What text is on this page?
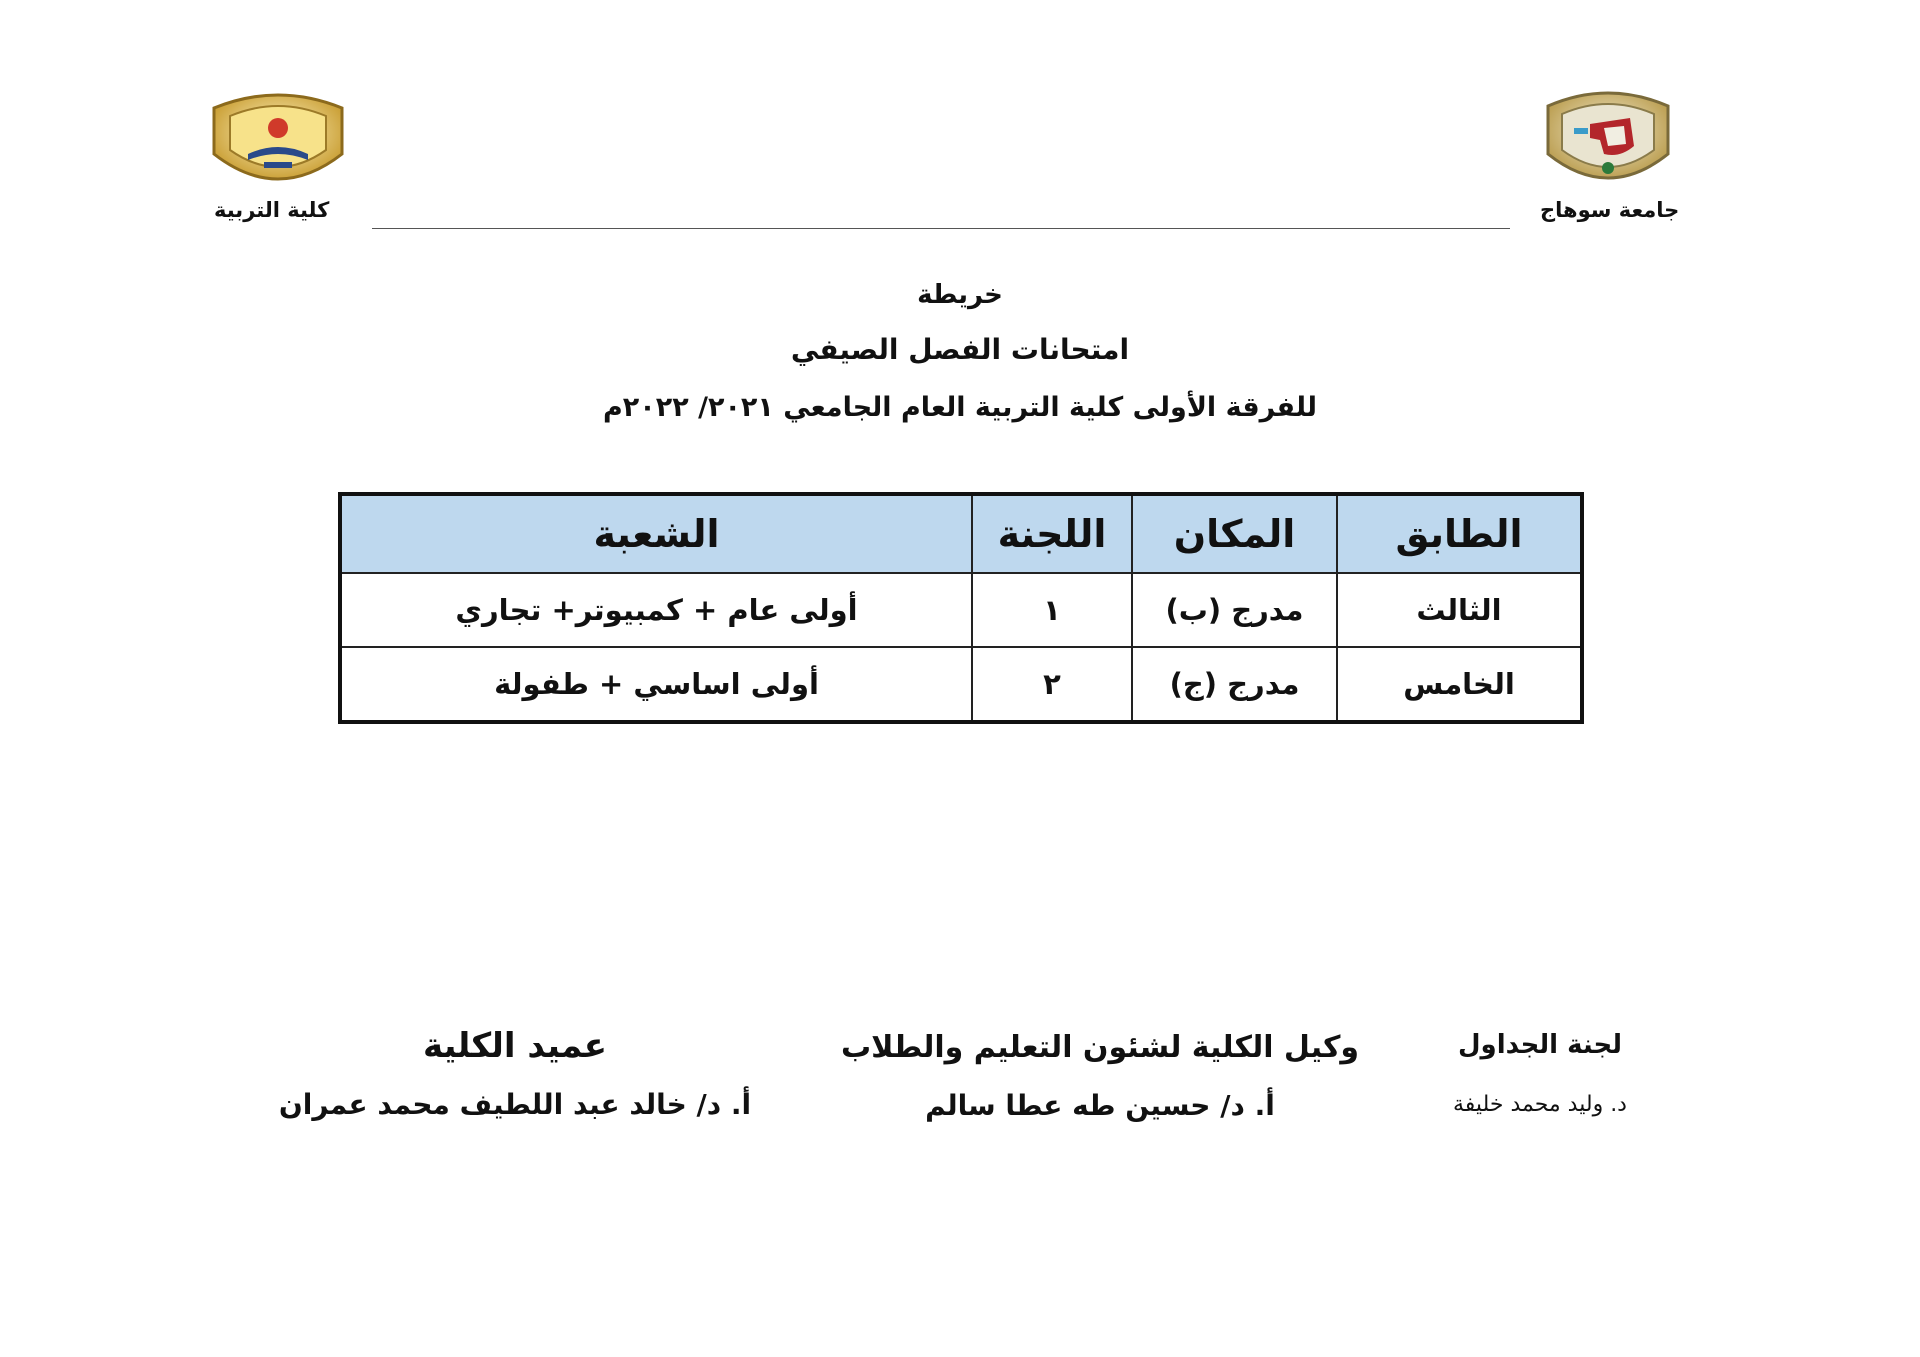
جامعة سوهاج
كلية التربية
خريطة
امتحانات الفصل الصيفي
للفرقة الأولى كلية التربية العام الجامعي ٢٠٢١/ ٢٠٢٢م
الطابق	المكان	اللجنة	الشعبة
الثالث	مدرج (ب)	١	أولى عام + كمبيوتر+ تجاري
الخامس	مدرج (ج)	٢	أولى اساسي + طفولة
لجنة الجداول
د. وليد محمد خليفة
وكيل الكلية لشئون التعليم والطلاب
أ. د/ حسين طه عطا سالم
عميد الكلية
أ. د/ خالد عبد اللطيف محمد عمران
